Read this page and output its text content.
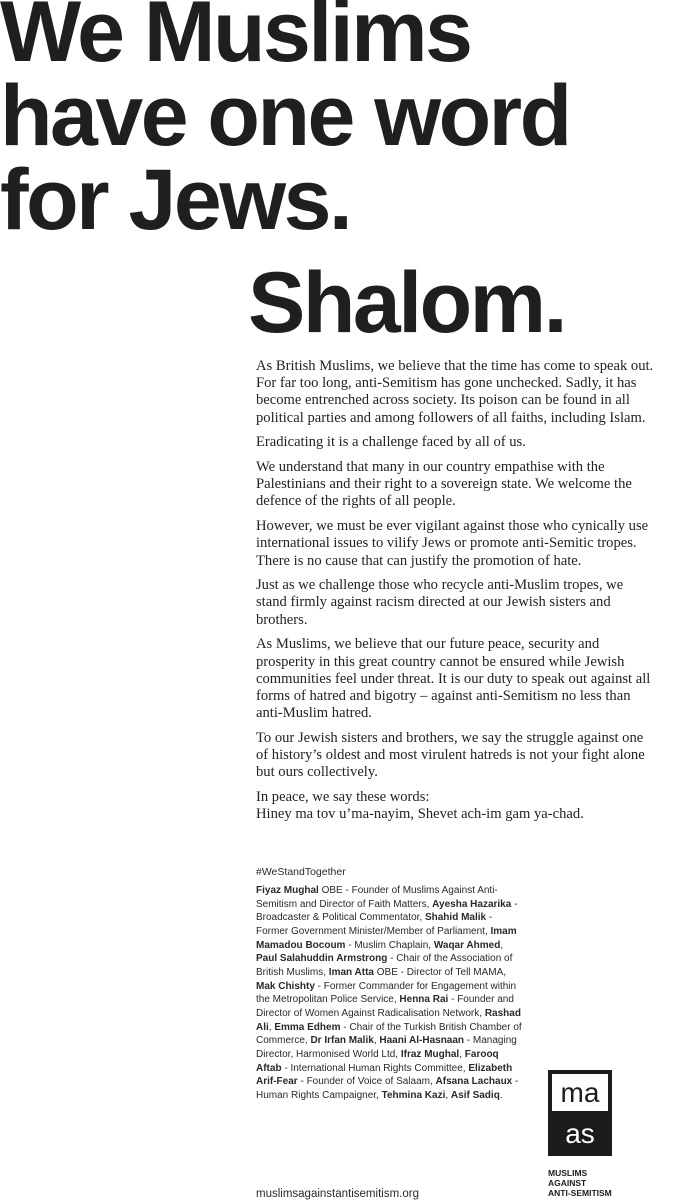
We Muslims
have one word
for Jews.
Shalom.

As British Muslims, we believe that the time has come to speak out. For far too long, anti-Semitism has gone unchecked. Sadly, it has become entrenched across society. Its poison can be found in all political parties and among followers of all faiths, including Islam.

Eradicating it is a challenge faced by all of us.

We understand that many in our country empathise with the Palestinians and their right to a sovereign state. We welcome the defence of the rights of all people.

However, we must be ever vigilant against those who cynically use international issues to vilify Jews or promote anti-Semitic tropes. There is no cause that can justify the promotion of hate.

Just as we challenge those who recycle anti-Muslim tropes, we stand firmly against racism directed at our Jewish sisters and brothers.

As Muslims, we believe that our future peace, security and prosperity in this great country cannot be ensured while Jewish communities feel under threat. It is our duty to speak out against all forms of hatred and bigotry – against anti-Semitism no less than anti-Muslim hatred.

To our Jewish sisters and brothers, we say the struggle against one of history’s oldest and most virulent hatreds is not your fight alone but ours collectively.

In peace, we say these words:
Hiney ma tov u’ma-nayim, Shevet ach-im gam ya-chad.

#WeStandTogether
Fiyaz Mughal OBE - Founder of Muslims Against Anti-Semitism and Director of Faith Matters, Ayesha Hazarika - Broadcaster & Political Commentator, Shahid Malik - Former Government Minister/Member of Parliament, Imam Mamadou Bocoum - Muslim Chaplain, Waqar Ahmed, Paul Salahuddin Armstrong - Chair of the Association of British Muslims, Iman Atta OBE - Director of Tell MAMA, Mak Chishty - Former Commander for Engagement within the Metropolitan Police Service, Henna Rai - Founder and Director of Women Against Radicalisation Network, Rashad Ali, Emma Edhem - Chair of the Turkish British Chamber of Commerce, Dr Irfan Malik, Haani Al-Hasnaan - Managing Director, Harmonised World Ltd, Ifraz Mughal, Farooq Aftab - International Human Rights Committee, Elizabeth Arif-Fear - Founder of Voice of Salaam, Afsana Lachaux - Human Rights Campaigner, Tehmina Kazi, Asif Sadiq.
muslimsagainstantisemitism.org
ma
as
MUSLIMS
AGAINST
ANTI-SEMITISM
